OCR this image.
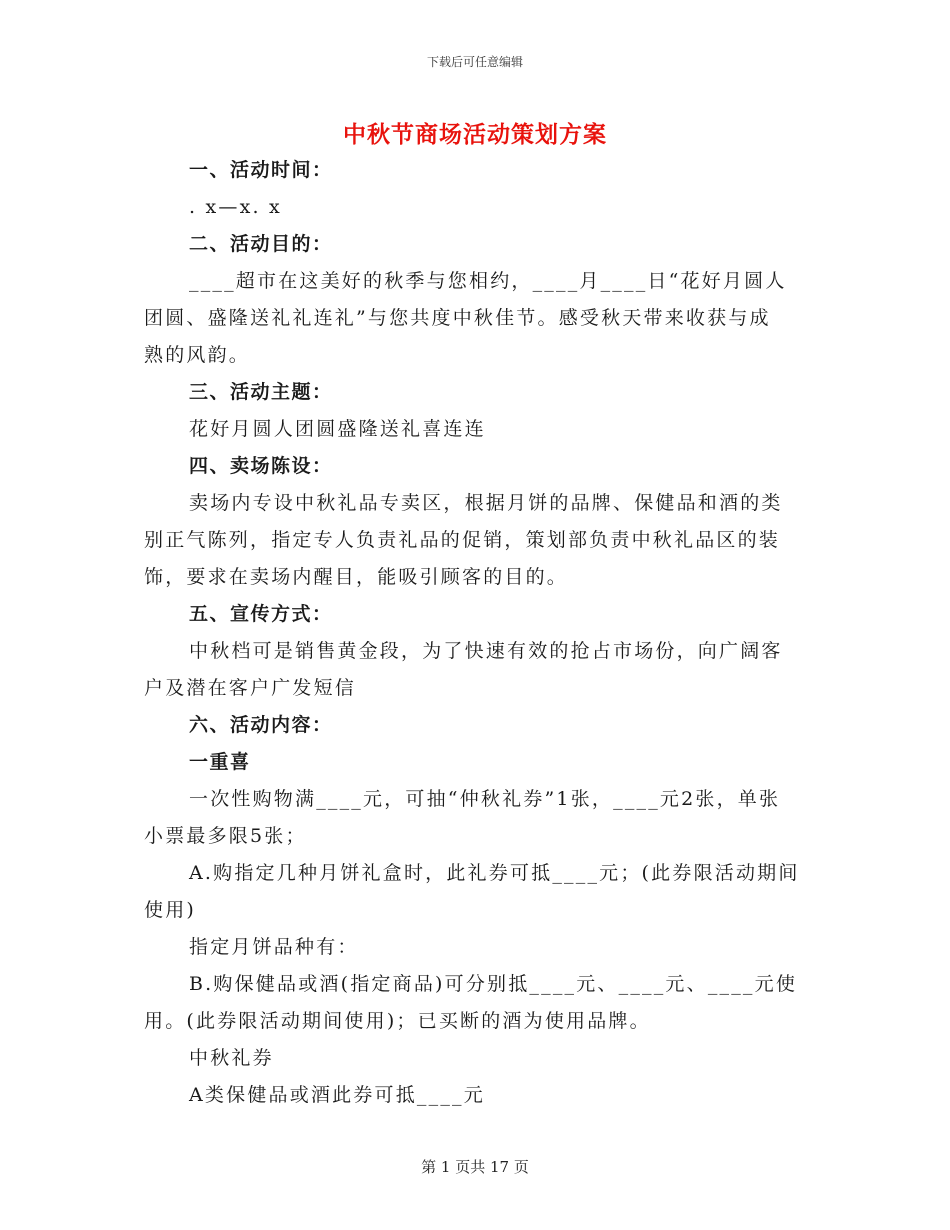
下载后可任意编辑
中秋节商场活动策划方案
一、活动时间：
. x—x. x
二、活动目的：
____超市在这美好的秋季与您相约，____月____日“花好月圆人
团圆、盛隆送礼礼连礼”与您共度中秋佳节。感受秋天带来收获与成
熟的风韵。
三、活动主题：
花好月圆人团圆盛隆送礼喜连连
四、卖场陈设：
卖场内专设中秋礼品专卖区，根据月饼的品牌、保健品和酒的类
别正气陈列，指定专人负责礼品的促销，策划部负责中秋礼品区的装
饰，要求在卖场内醒目，能吸引顾客的目的。
五、宣传方式：
中秋档可是销售黄金段，为了快速有效的抢占市场份，向广阔客
户及潜在客户广发短信
六、活动内容：
一重喜
一次性购物满____元，可抽“仲秋礼券”1张，____元2张，单张
小票最多限5张；
A.购指定几种月饼礼盒时，此礼券可抵____元；(此券限活动期间
使用)
指定月饼品种有：
B.购保健品或酒(指定商品)可分别抵____元、____元、____元使
用。(此券限活动期间使用)；已买断的酒为使用品牌。
中秋礼券
A类保健品或酒此券可抵____元
第 1 页共 17 页
